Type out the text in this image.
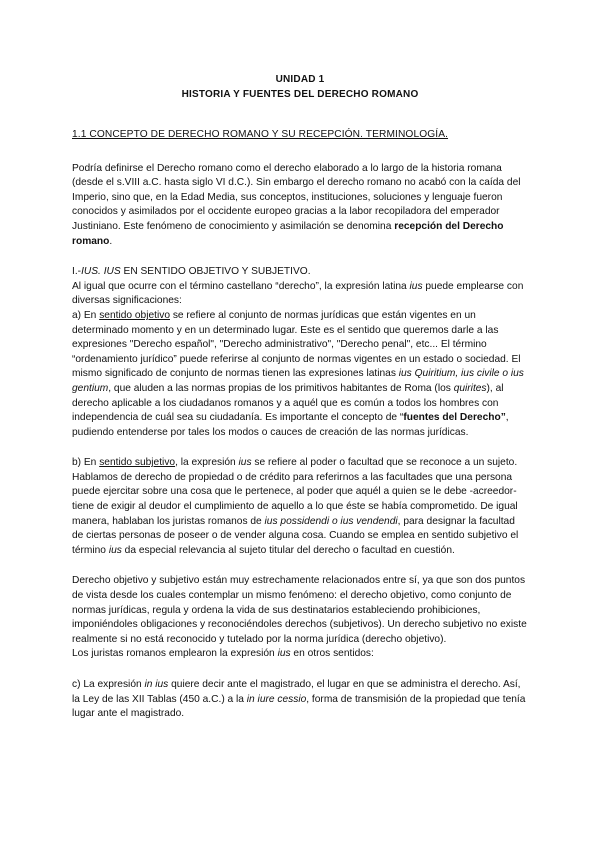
UNIDAD 1
HISTORIA Y FUENTES DEL DERECHO ROMANO
1.1 CONCEPTO DE DERECHO ROMANO Y SU RECEPCIÓN. TERMINOLOGÍA.

Podría definirse el Derecho romano como el derecho elaborado a lo largo de la historia romana (desde el s.VIII a.C. hasta siglo VI d.C.). Sin embargo el derecho romano no acabó con la caída del Imperio, sino que, en la Edad Media, sus conceptos, instituciones, soluciones y lenguaje fueron conocidos y asimilados por el occidente europeo gracias a la labor recopiladora del emperador Justiniano. Este fenómeno de conocimiento y asimilación se denomina recepción del Derecho romano.

I.-IUS. IUS EN SENTIDO OBJETIVO Y SUBJETIVO.
Al igual que ocurre con el término castellano “derecho”, la expresión latina ius puede emplearse con diversas significaciones:

a) En sentido objetivo se refiere al conjunto de normas jurídicas que están vigentes en un determinado momento y en un determinado lugar. Este es el sentido que queremos darle a las expresiones "Derecho español", "Derecho administrativo", "Derecho penal", etc... El término “ordenamiento jurídico” puede referirse al conjunto de normas vigentes en un estado o sociedad. El mismo significado de conjunto de normas tienen las expresiones latinas ius Quiritium, ius civile o ius gentium, que aluden a las normas propias de los primitivos habitantes de Roma (los quirites), al derecho aplicable a los ciudadanos romanos y a aquél que es común a todos los hombres con independencia de cuál sea su ciudadanía. Es importante el concepto de “fuentes del Derecho”, pudiendo entenderse por tales los modos o cauces de creación de las normas jurídicas.

b) En sentido subjetivo, la expresión ius se refiere al poder o facultad que se reconoce a un sujeto. Hablamos de derecho de propiedad o de crédito para referirnos a las facultades que una persona puede ejercitar sobre una cosa que le pertenece, al poder que aquél a quien se le debe -acreedor- tiene de exigir al deudor el cumplimiento de aquello a lo que éste se había comprometido. De igual manera, hablaban los juristas romanos de ius possidendi o ius vendendi, para designar la facultad de ciertas personas de poseer o de vender alguna cosa. Cuando se emplea en sentido subjetivo el término ius da especial relevancia al sujeto titular del derecho o facultad en cuestión.

Derecho objetivo y subjetivo están muy estrechamente relacionados entre sí, ya que son dos puntos de vista desde los cuales contemplar un mismo fenómeno: el derecho objetivo, como conjunto de normas jurídicas, regula y ordena la vida de sus destinatarios estableciendo prohibiciones, imponiéndoles obligaciones y reconociéndoles derechos (subjetivos). Un derecho subjetivo no existe realmente si no está reconocido y tutelado por la norma jurídica (derecho objetivo).

Los juristas romanos emplearon la expresión ius en otros sentidos:

c) La expresión in ius quiere decir ante el magistrado, el lugar en que se administra el derecho. Así, la Ley de las XII Tablas (450 a.C.) a la in iure cessio, forma de transmisión de la propiedad que tenía lugar ante el magistrado.
